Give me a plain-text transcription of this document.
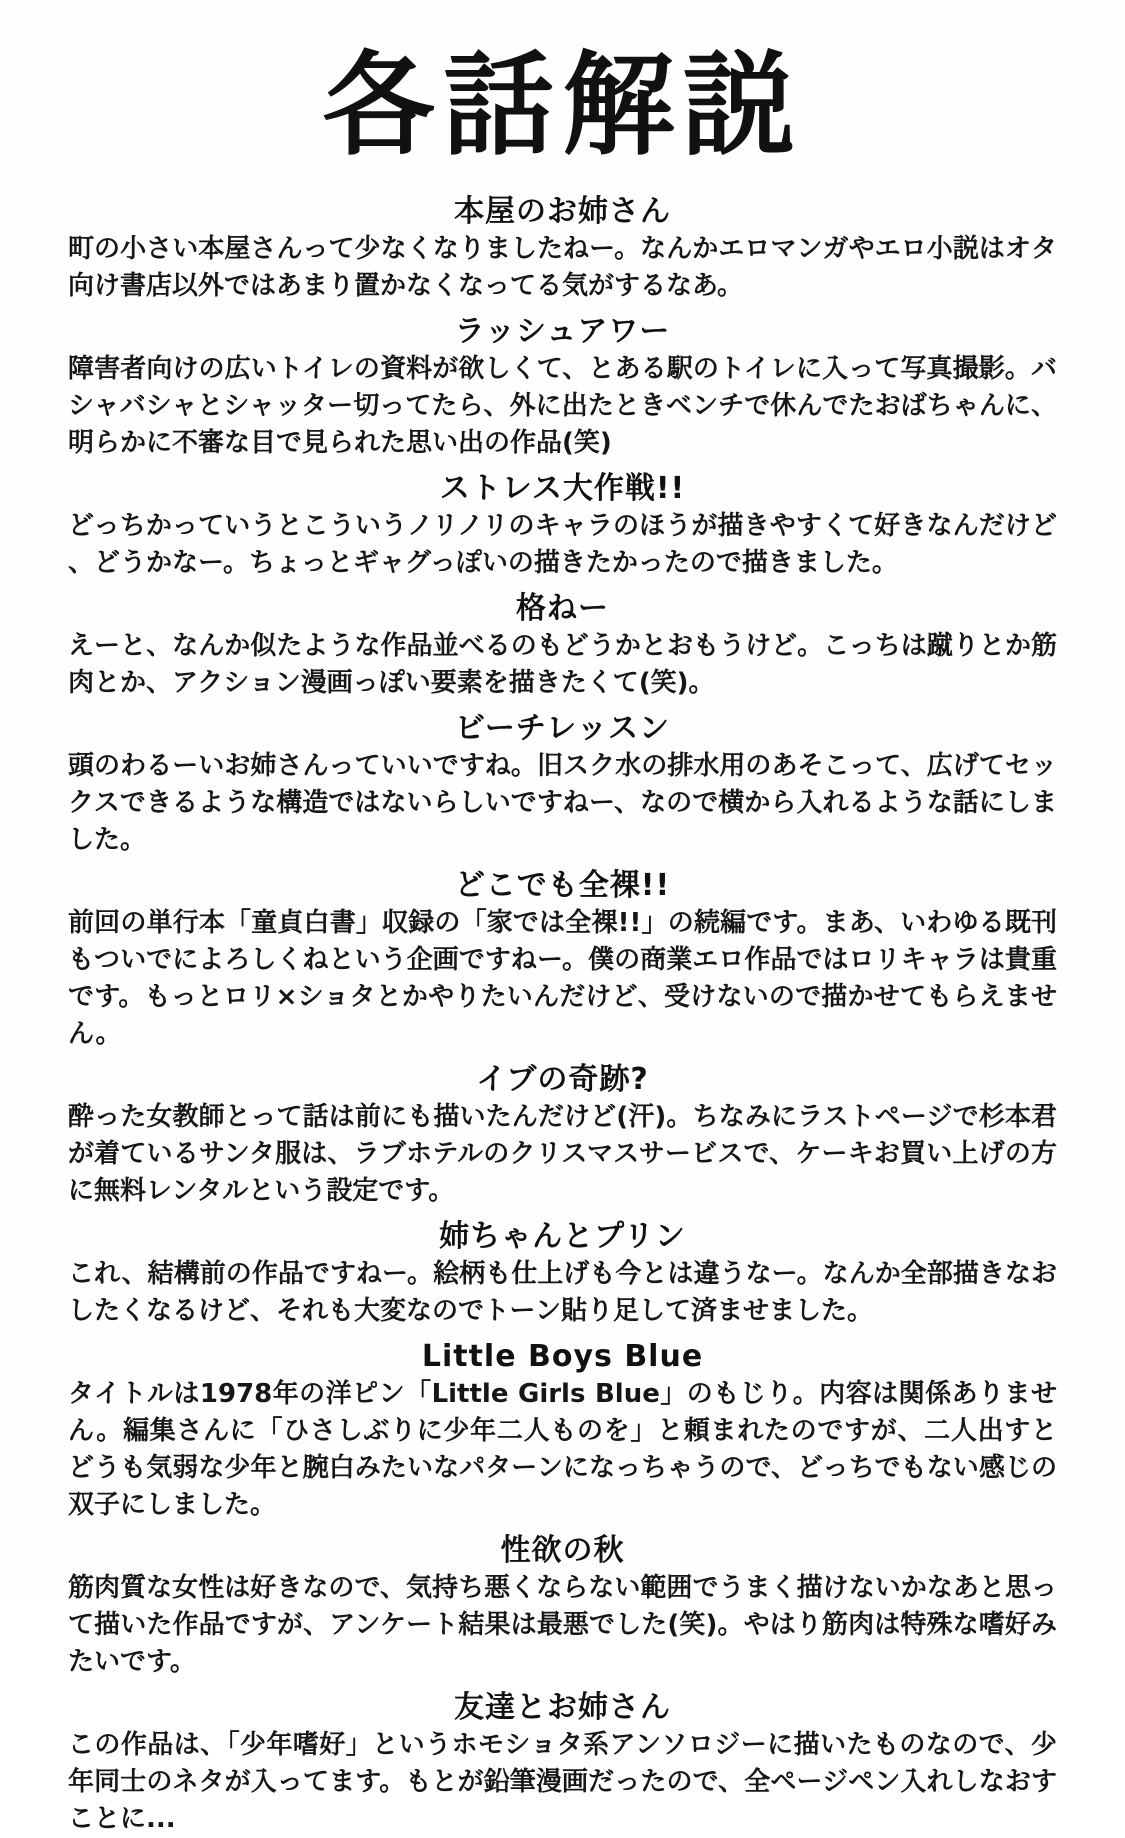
各話解説
本屋のお姉さん

町の小さい本屋さんって少なくなりましたねー。なんかエロマンガやエロ小説はオタ向け書店以外ではあまり置かなくなってる気がするなあ。

ラッシュアワー

障害者向けの広いトイレの資料が欲しくて、とある駅のトイレに入って写真撮影。バシャバシャとシャッター切ってたら、外に出たときベンチで休んでたおばちゃんに、明らかに不審な目で見られた思い出の作品(笑)

ストレス大作戦!!

どっちかっていうとこういうノリノリのキャラのほうが描きやすくて好きなんだけど、どうかなー。ちょっとギャグっぽいの描きたかったので描きました。

格ねー

えーと、なんか似たような作品並べるのもどうかとおもうけど。こっちは蹴りとか筋肉とか、アクション漫画っぽい要素を描きたくて(笑)。

ビーチレッスン

頭のわるーいお姉さんっていいですね。旧スク水の排水用のあそこって、広げてセックスできるような構造ではないらしいですねー、なので横から入れるような話にしました。

どこでも全裸!!

前回の単行本「童貞白書」収録の「家では全裸!!」の続編です。まあ、いわゆる既刊もついでによろしくねという企画ですねー。僕の商業エロ作品ではロリキャラは貴重です。もっとロリ×ショタとかやりたいんだけど、受けないので描かせてもらえません。

イブの奇跡?

酔った女教師とって話は前にも描いたんだけど(汗)。ちなみにラストページで杉本君が着ているサンタ服は、ラブホテルのクリスマスサービスで、ケーキお買い上げの方に無料レンタルという設定です。

姉ちゃんとプリン

これ、結構前の作品ですねー。絵柄も仕上げも今とは違うなー。なんか全部描きなおしたくなるけど、それも大変なのでトーン貼り足して済ませました。

Little Boys Blue

タイトルは1978年の洋ピン「Little Girls Blue」のもじり。内容は関係ありません。編集さんに「ひさしぶりに少年二人ものを」と頼まれたのですが、二人出すとどうも気弱な少年と腕白みたいなパターンになっちゃうので、どっちでもない感じの双子にしました。

性欲の秋

筋肉質な女性は好きなので、気持ち悪くならない範囲でうまく描けないかなあと思って描いた作品ですが、アンケート結果は最悪でした(笑)。やはり筋肉は特殊な嗜好みたいです。

友達とお姉さん

この作品は、「少年嗜好」というホモショタ系アンソロジーに描いたものなので、少年同士のネタが入ってます。もとが鉛筆漫画だったので、全ページペン入れしなおすことに...
